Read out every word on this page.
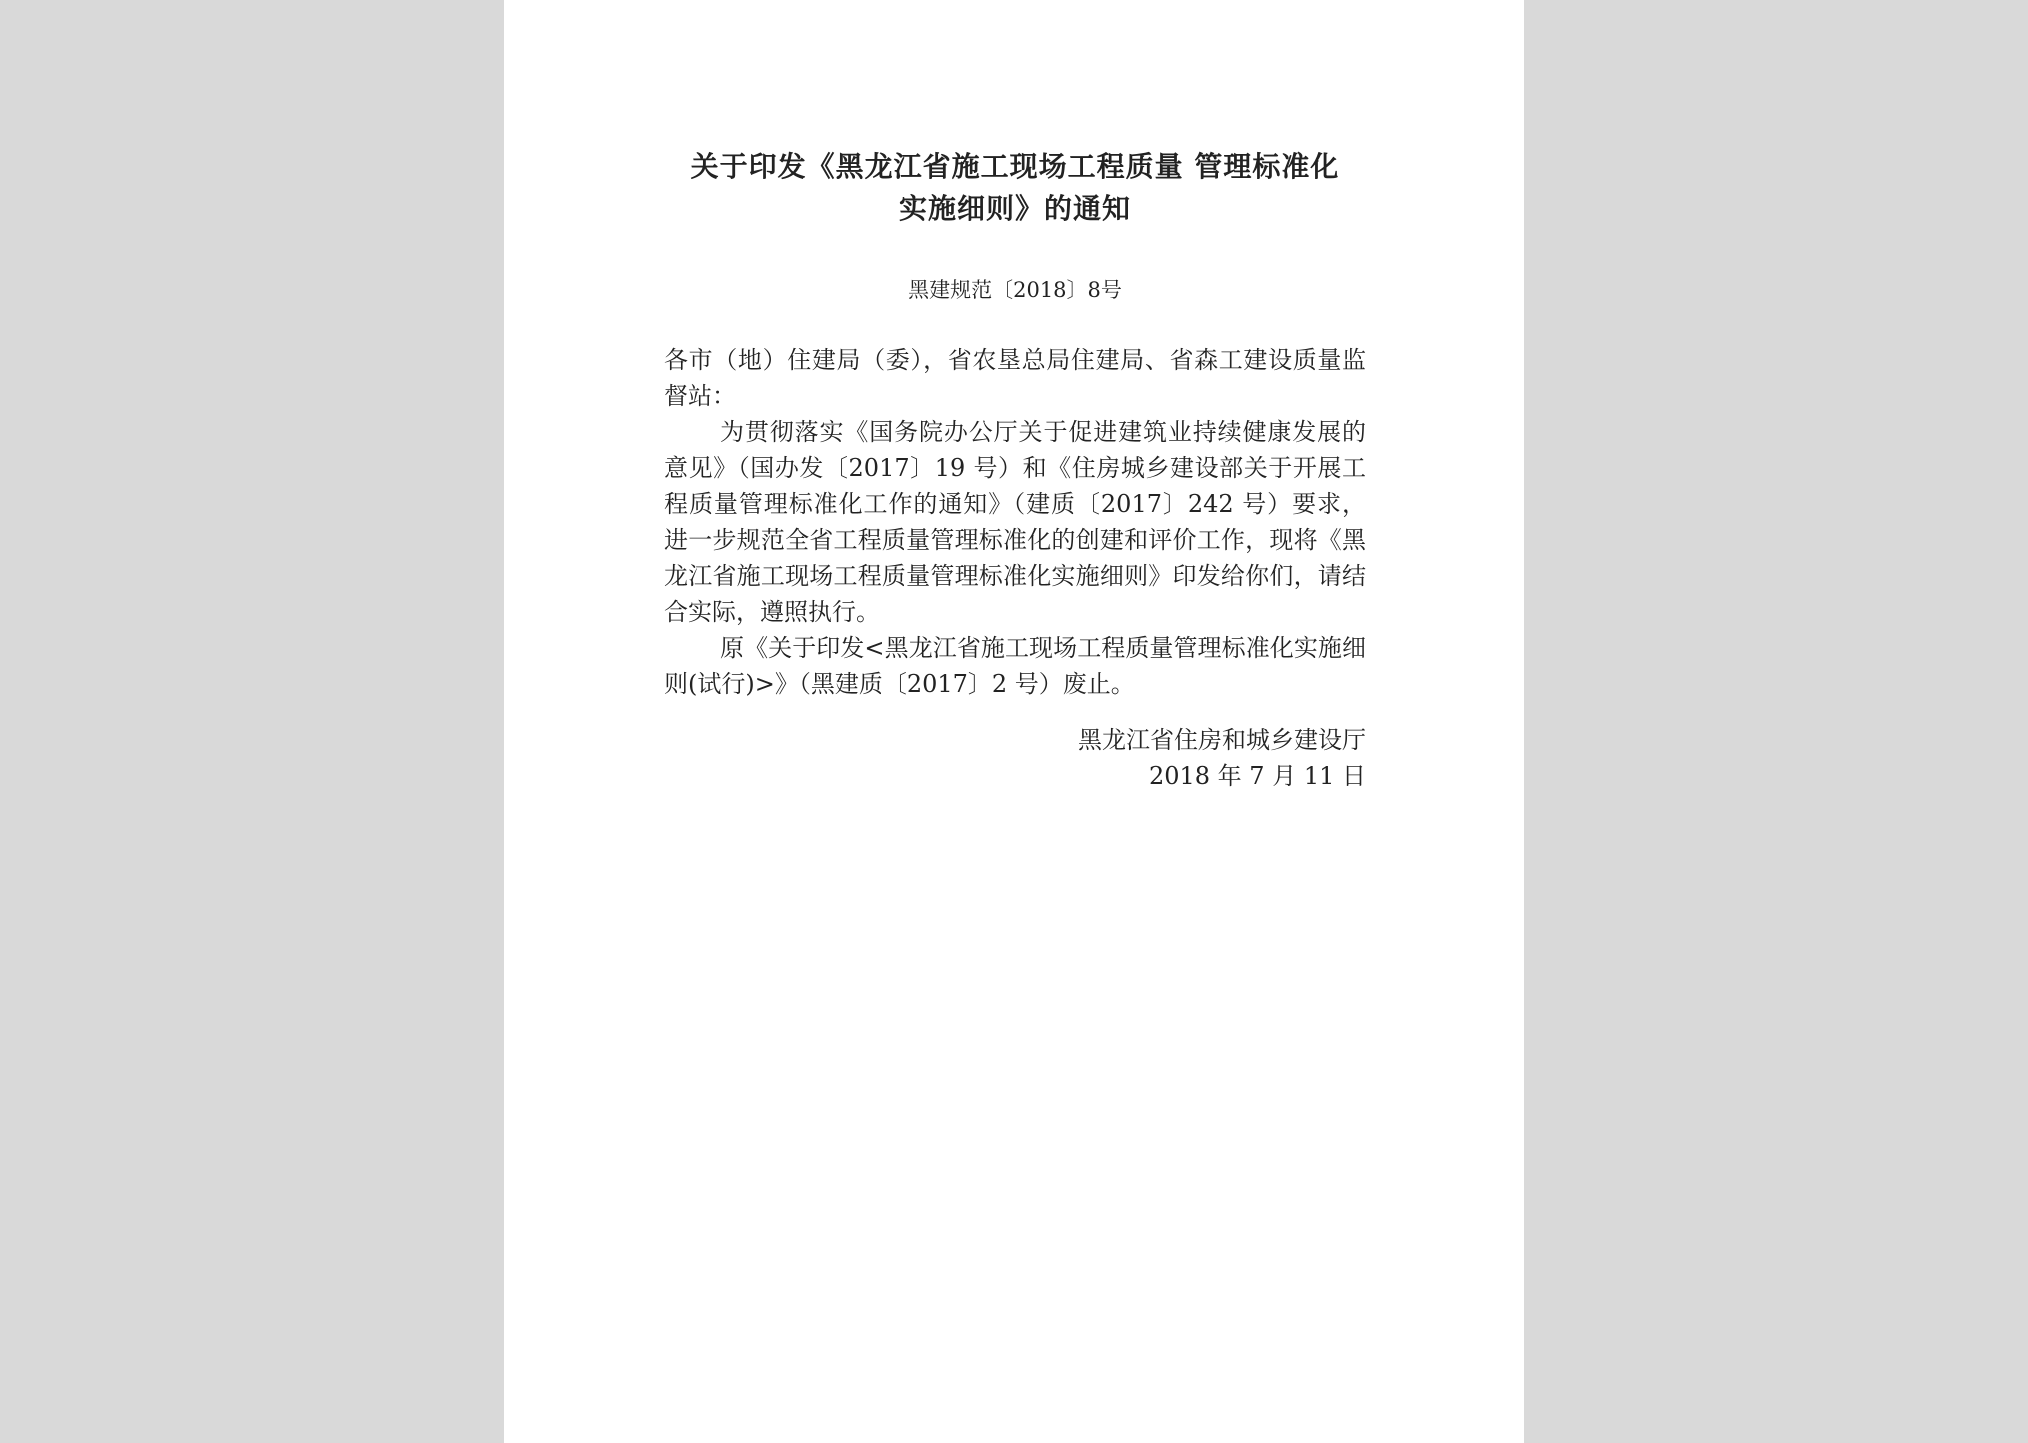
关于印发《黑龙江省施工现场工程质量 管理标准化
实施细则》的通知

黑建规范〔2018〕8号

各市（地）住建局（委），省农垦总局住建局、省森工建设质量监督站：

为贯彻落实《国务院办公厅关于促进建筑业持续健康发展的意见》（国办发〔2017〕19 号）和《住房城乡建设部关于开展工程质量管理标准化工作的通知》（建质〔2017〕242 号）要求，进一步规范全省工程质量管理标准化的创建和评价工作，现将《黑龙江省施工现场工程质量管理标准化实施细则》印发给你们，请结合实际，遵照执行。

原《关于印发<黑龙江省施工现场工程质量管理标准化实施细则(试行)>》（黑建质〔2017〕2 号）废止。

黑龙江省住房和城乡建设厅
2018 年 7 月 11 日
